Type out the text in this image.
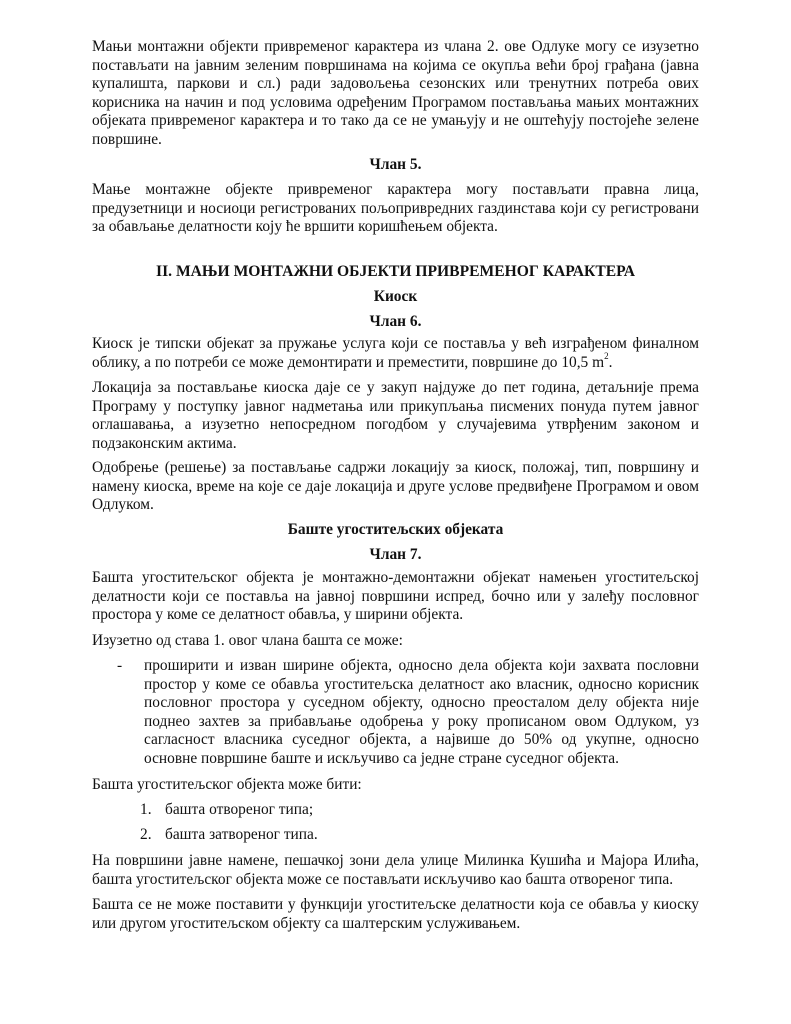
Мањи монтажни објекти привременог карактера из члана 2. ове Одлуке могу се изузетно постављати на јавним зеленим површинама на којима се окупља већи број грађана (јавна купалишта, паркови и сл.) ради задовољења сезонских или тренутних потреба ових корисника на начин и под условима одређеним Програмом постављања мањих монтажних објеката привременог карактера и то тако да се не умањују и не оштећују постојеће зелене површине.

Члан 5.

Мање монтажне објекте привременог карактера могу постављати правна лица, предузетници и носиоци регистрованих пољопривредних газдинстава који су регистровани за обављање делатности коју ће вршити коришћењем објекта.

II. МАЊИ МОНТАЖНИ ОБЈЕКТИ ПРИВРЕМЕНОГ КАРАКТЕРА

Киоск

Члан 6.

Киоск је типски објекат за пружање услуга који се поставља у већ изграђеном финалном облику, а по потреби се може демонтирати и преместити, површине до 10,5 $m^2$.

Локација за постављање киоска даје се у закуп најдуже до пет година, детаљније према Програму у поступку јавног надметања или прикупљања писмених понуда путем јавног оглашавања, а изузетно непосредном погодбом у случајевима утврђеним законом и подзаконским актима.

Одобрење (решење) за постављање садржи локацију за киоск, положај, тип, површину и намену киоска, време на које се даје локација и друге услове предвиђене Програмом и овом Одлуком.

Баште угоститељских објеката

Члан 7.

Башта угоститељског објекта је монтажно-демонтажни објекат намењен угоститељској делатности који се поставља на јавној површини испред, бочно или у залеђу пословног простора у коме се делатност обавља, у ширини објекта.

Изузетно од става 1. овог члана башта се може:

- проширити и изван ширине објекта, односно дела објекта који захвата пословни простор у коме се обавља угоститељска делатност ако власник, односно корисник пословног простора у суседном објекту, односно преосталом делу објекта није поднео захтев за прибављање одобрења у року прописаном овом Одлуком, уз сагласност власника суседног објекта, а највише до 50% од укупне, односно основне површине баште и искључиво са једне стране суседног објекта.

Башта угоститељског објекта може бити:

1. башта отвореног типа;
2. башта затвореног типа.

На површини јавне намене, пешачкој зони дела улице Милинка Кушића и Мајора Илића, башта угоститељског објекта може се постављати искључиво као башта отвореног типа.

Башта се не може поставити у функцији угоститељске делатности која се обавља у киоску или другом угоститељском објекту са шалтерским услуживањем.
